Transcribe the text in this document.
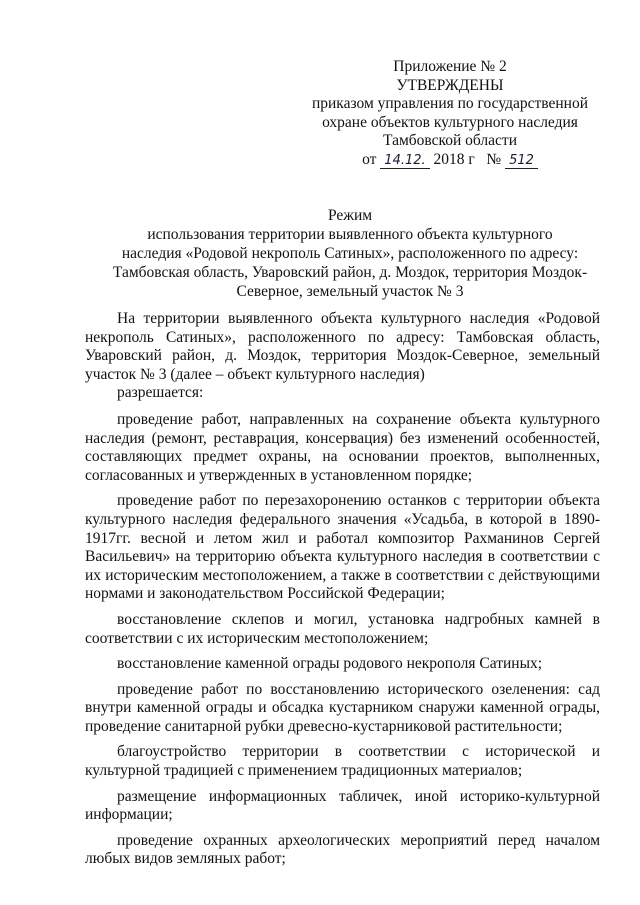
Приложение № 2
УТВЕРЖДЕНЫ
приказом управления по государственной
охране объектов культурного наследия
Тамбовской области
от 14.12. 2018 г № 512
Режим
использования территории выявленного объекта культурного
наследия «Родовой некрополь Сатиных», расположенного по адресу:
Тамбовская область, Уваровский район, д. Моздок, территория Моздок-
Северное, земельный участок № 3

На территории выявленного объекта культурного наследия «Родовой некрополь Сатиных», расположенного по адресу: Тамбовская область, Уваровский район, д. Моздок, территория Моздок-Северное, земельный участок № 3 (далее – объект культурного наследия)

разрешается:

проведение работ, направленных на сохранение объекта культурного наследия (ремонт, реставрация, консервация) без изменений особенностей, составляющих предмет охраны, на основании проектов, выполненных, согласованных и утвержденных в установленном порядке;

проведение работ по перезахоронению останков с территории объекта культурного наследия федерального значения «Усадьба, в которой в 1890-1917гг. весной и летом жил и работал композитор Рахманинов Сергей Васильевич» на территорию объекта культурного наследия в соответствии с их историческим местоположением, а также в соответствии с действующими нормами и законодательством Российской Федерации;

восстановление склепов и могил, установка надгробных камней в соответствии с их историческим местоположением;

восстановление каменной ограды родового некрополя Сатиных;

проведение работ по восстановлению исторического озеленения: сад внутри каменной ограды и обсадка кустарником снаружи каменной ограды, проведение санитарной рубки древесно-кустарниковой растительности;

благоустройство территории в соответствии с исторической и культурной традицией с применением традиционных материалов;

размещение информационных табличек, иной историко-культурной информации;

проведение охранных археологических мероприятий перед началом любых видов земляных работ;
